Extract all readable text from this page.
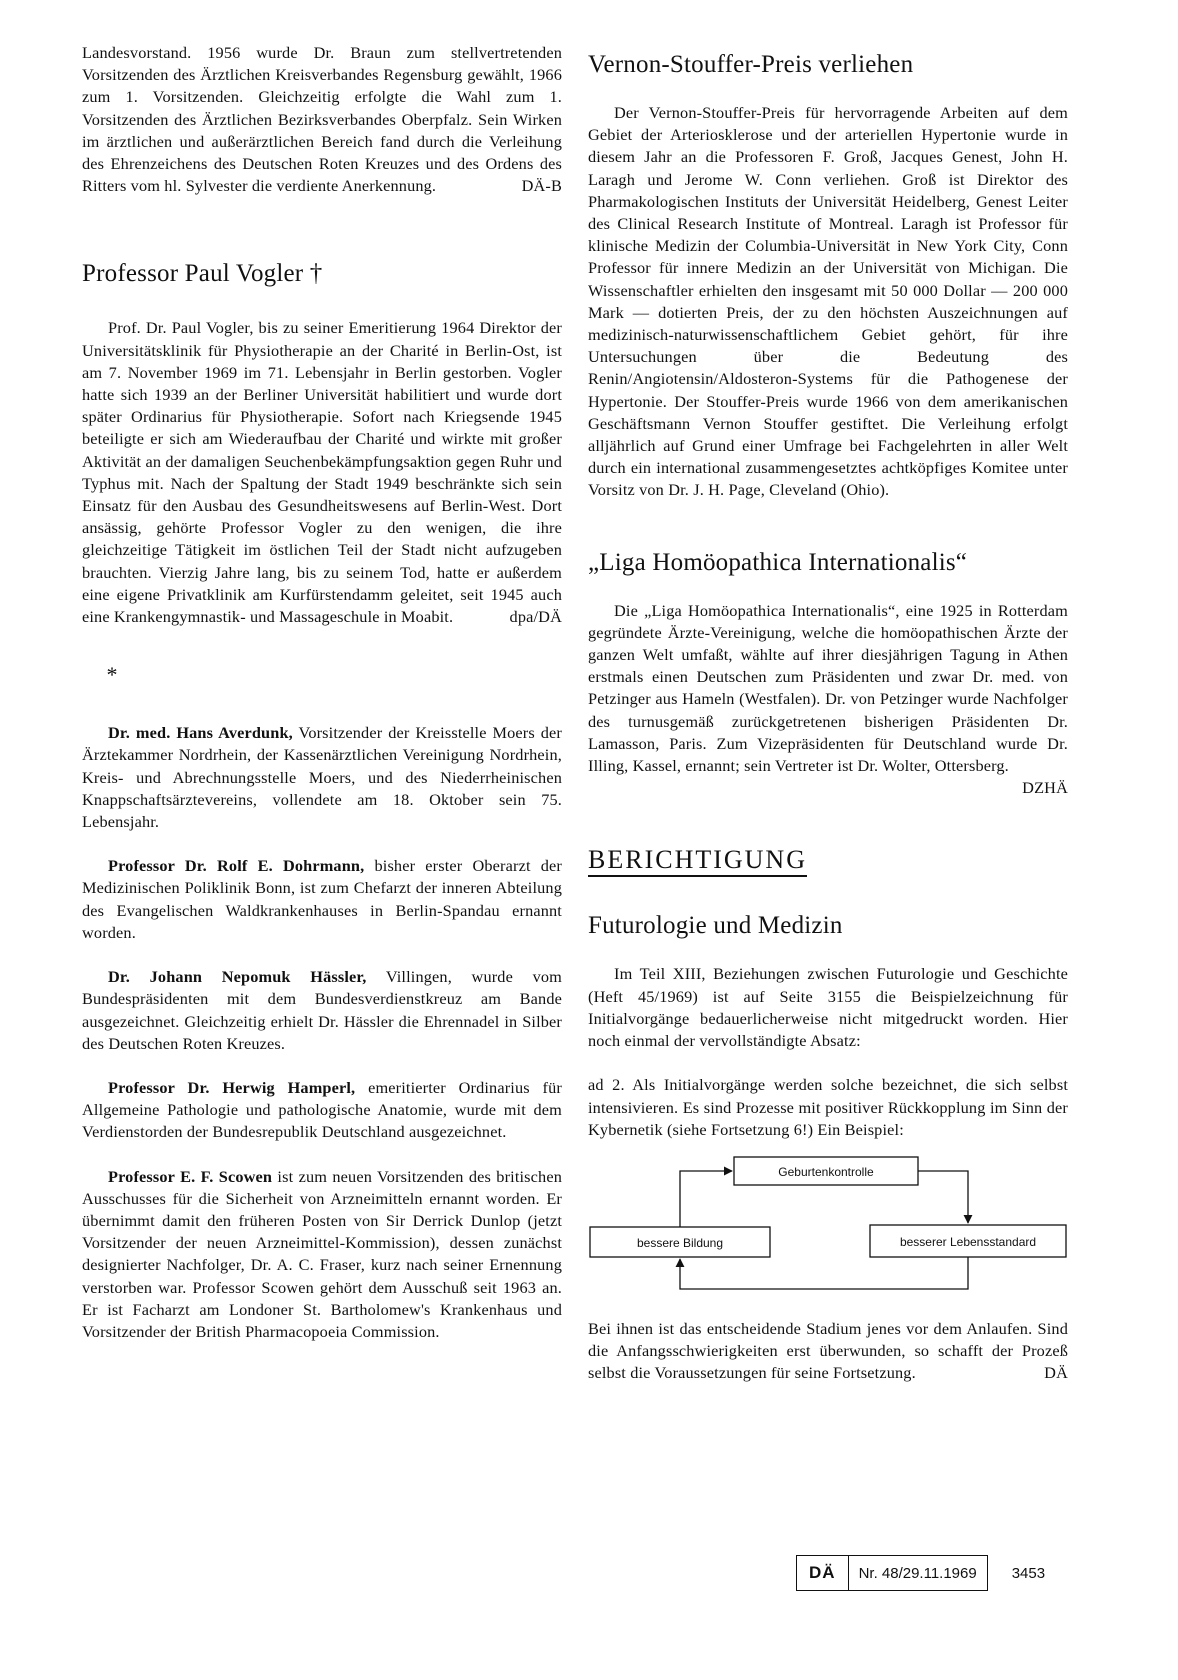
Landesvorstand. 1956 wurde Dr. Braun zum stellvertretenden Vorsitzenden des Ärztlichen Kreisverbandes Regensburg gewählt, 1966 zum 1. Vorsitzenden. Gleichzeitig erfolgte die Wahl zum 1. Vorsitzenden des Ärztlichen Bezirksverbandes Oberpfalz. Sein Wirken im ärztlichen und außerärztlichen Bereich fand durch die Verleihung des Ehrenzeichens des Deutschen Roten Kreuzes und des Ordens des Ritters vom hl. Sylvester die verdiente Anerkennung.	DÄ-B

Professor Paul Vogler †

Prof. Dr. Paul Vogler, bis zu seiner Emeritierung 1964 Direktor der Universitätsklinik für Physiotherapie an der Charité in Berlin-Ost, ist am 7. November 1969 im 71. Lebensjahr in Berlin gestorben. Vogler hatte sich 1939 an der Berliner Universität habilitiert und wurde dort später Ordinarius für Physiotherapie. Sofort nach Kriegsende 1945 beteiligte er sich am Wiederaufbau der Charité und wirkte mit großer Aktivität an der damaligen Seuchenbekämpfungsaktion gegen Ruhr und Typhus mit. Nach der Spaltung der Stadt 1949 beschränkte sich sein Einsatz für den Ausbau des Gesundheitswesens auf Berlin-West. Dort ansässig, gehörte Professor Vogler zu den wenigen, die ihre gleichzeitige Tätigkeit im östlichen Teil der Stadt nicht aufzugeben brauchten. Vierzig Jahre lang, bis zu seinem Tod, hatte er außerdem eine eigene Privatklinik am Kurfürstendamm geleitet, seit 1945 auch eine Krankengymnastik- und Massageschule in Moabit.	dpa/DÄ

*

Dr. med. Hans Averdunk, Vorsitzender der Kreisstelle Moers der Ärztekammer Nordrhein, der Kassenärztlichen Vereinigung Nordrhein, Kreis- und Abrechnungsstelle Moers, und des Niederrheinischen Knappschaftsärztevereins, vollendete am 18. Oktober sein 75. Lebensjahr.

Professor Dr. Rolf E. Dohrmann, bisher erster Oberarzt der Medizinischen Poliklinik Bonn, ist zum Chefarzt der inneren Abteilung des Evangelischen Waldkrankenhauses in Berlin-Spandau ernannt worden.

Dr. Johann Nepomuk Hässler, Villingen, wurde vom Bundespräsidenten mit dem Bundesverdienstkreuz am Bande ausgezeichnet. Gleichzeitig erhielt Dr. Hässler die Ehrennadel in Silber des Deutschen Roten Kreuzes.

Professor Dr. Herwig Hamperl, emeritierter Ordinarius für Allgemeine Pathologie und pathologische Anatomie, wurde mit dem Verdienstorden der Bundesrepublik Deutschland ausgezeichnet.

Professor E. F. Scowen ist zum neuen Vorsitzenden des britischen Ausschusses für die Sicherheit von Arzneimitteln ernannt worden. Er übernimmt damit den früheren Posten von Sir Derrick Dunlop (jetzt Vorsitzender der neuen Arzneimittel-Kommission), dessen zunächst designierter Nachfolger, Dr. A. C. Fraser, kurz nach seiner Ernennung verstorben war. Professor Scowen gehört dem Ausschuß seit 1963 an. Er ist Facharzt am Londoner St. Bartholomew's Krankenhaus und Vorsitzender der British Pharmacopoeia Commission.

Vernon-Stouffer-Preis verliehen

Der Vernon-Stouffer-Preis für hervorragende Arbeiten auf dem Gebiet der Arteriosklerose und der arteriellen Hypertonie wurde in diesem Jahr an die Professoren F. Groß, Jacques Genest, John H. Laragh und Jerome W. Conn verliehen. Groß ist Direktor des Pharmakologischen Instituts der Universität Heidelberg, Genest Leiter des Clinical Research Institute of Montreal. Laragh ist Professor für klinische Medizin der Columbia-Universität in New York City, Conn Professor für innere Medizin an der Universität von Michigan. Die Wissenschaftler erhielten den insgesamt mit 50 000 Dollar — 200 000 Mark — dotierten Preis, der zu den höchsten Auszeichnungen auf medizinisch-naturwissenschaftlichem Gebiet gehört, für ihre Untersuchungen über die Bedeutung des Renin/Angiotensin/Aldosteron-Systems für die Pathogenese der Hypertonie. Der Stouffer-Preis wurde 1966 von dem amerikanischen Geschäftsmann Vernon Stouffer gestiftet. Die Verleihung erfolgt alljährlich auf Grund einer Umfrage bei Fachgelehrten in aller Welt durch ein international zusammengesetztes achtköpfiges Komitee unter Vorsitz von Dr. J. H. Page, Cleveland (Ohio).

„Liga Homöopathica Internationalis“

Die „Liga Homöopathica Internationalis“, eine 1925 in Rotterdam gegründete Ärzte-Vereinigung, welche die homöopathischen Ärzte der ganzen Welt umfaßt, wählte auf ihrer diesjährigen Tagung in Athen erstmals einen Deutschen zum Präsidenten und zwar Dr. med. von Petzinger aus Hameln (Westfalen). Dr. von Petzinger wurde Nachfolger des turnusgemäß zurückgetretenen bisherigen Präsidenten Dr. Lamasson, Paris. Zum Vizepräsidenten für Deutschland wurde Dr. Illing, Kassel, ernannt; sein Vertreter ist Dr. Wolter, Ottersberg.
DZHÄ

BERICHTIGUNG
Futurologie und Medizin

Im Teil XIII, Beziehungen zwischen Futurologie und Geschichte (Heft 45/1969) ist auf Seite 3155 die Beispielzeichnung für Initialvorgänge bedauerlicherweise nicht mitgedruckt worden. Hier noch einmal der vervollständigte Absatz:

ad 2. Als Initialvorgänge werden solche bezeichnet, die sich selbst intensivieren. Es sind Prozesse mit positiver Rückkopplung im Sinn der Kybernetik (siehe Fortsetzung 6!) Ein Beispiel:

Geburtenkontrolle
bessere Bildung	besserer Lebensstandard

Bei ihnen ist das entscheidende Stadium jenes vor dem Anlaufen. Sind die Anfangsschwierigkeiten erst überwunden, so schafft der Prozeß selbst die Voraussetzungen für seine Fortsetzung.	DÄ

DÄ	Nr. 48/29.11.1969	3453
